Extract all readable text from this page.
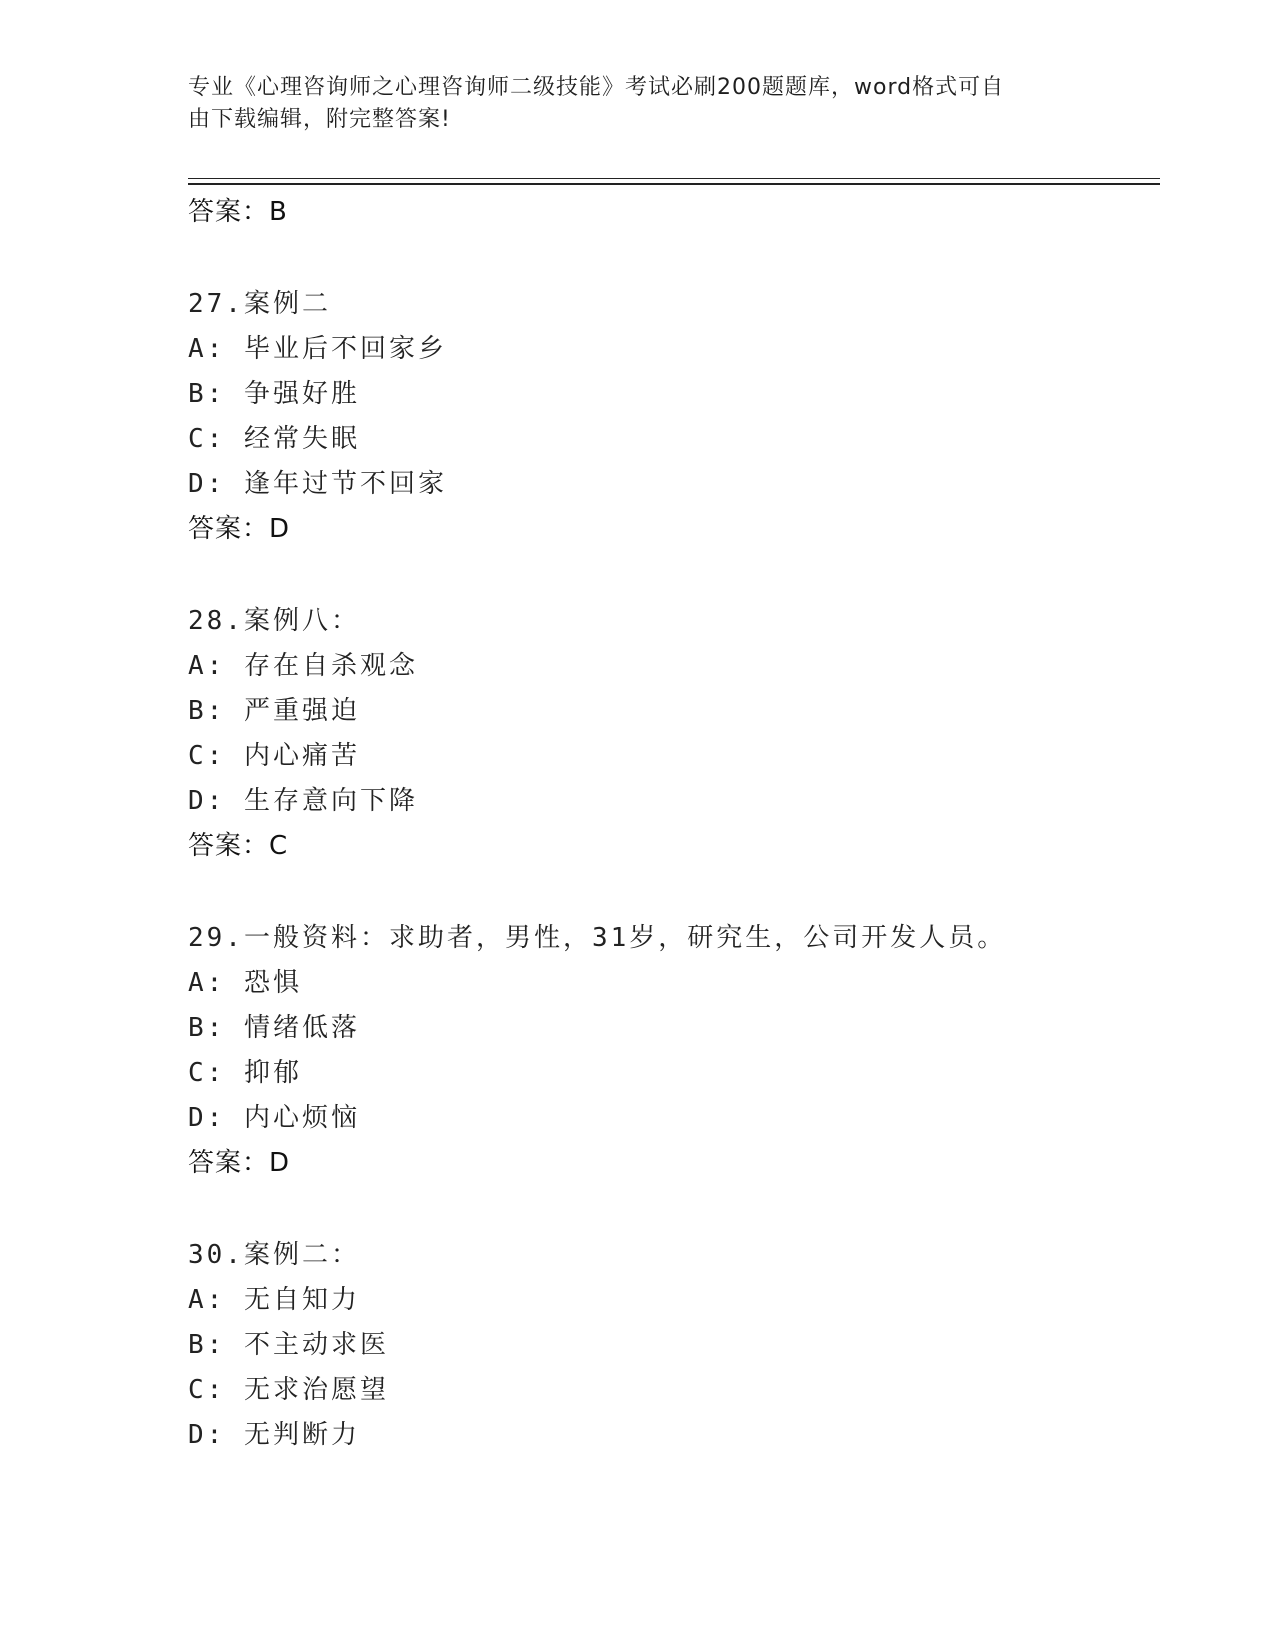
专业《心理咨询师之心理咨询师二级技能》考试必刷200题题库，word格式可自
由下载编辑，附完整答案!
答案：B
27.案例二
A: 毕业后不回家乡
B: 争强好胜
C: 经常失眠
D: 逢年过节不回家
答案：D
28.案例八：
A: 存在自杀观念
B: 严重强迫
C: 内心痛苦
D: 生存意向下降
答案：C
29.一般资料：求助者，男性，31岁，研究生，公司开发人员。
A: 恐惧
B: 情绪低落
C: 抑郁
D: 内心烦恼
答案：D
30.案例二：
A: 无自知力
B: 不主动求医
C: 无求治愿望
D: 无判断力
